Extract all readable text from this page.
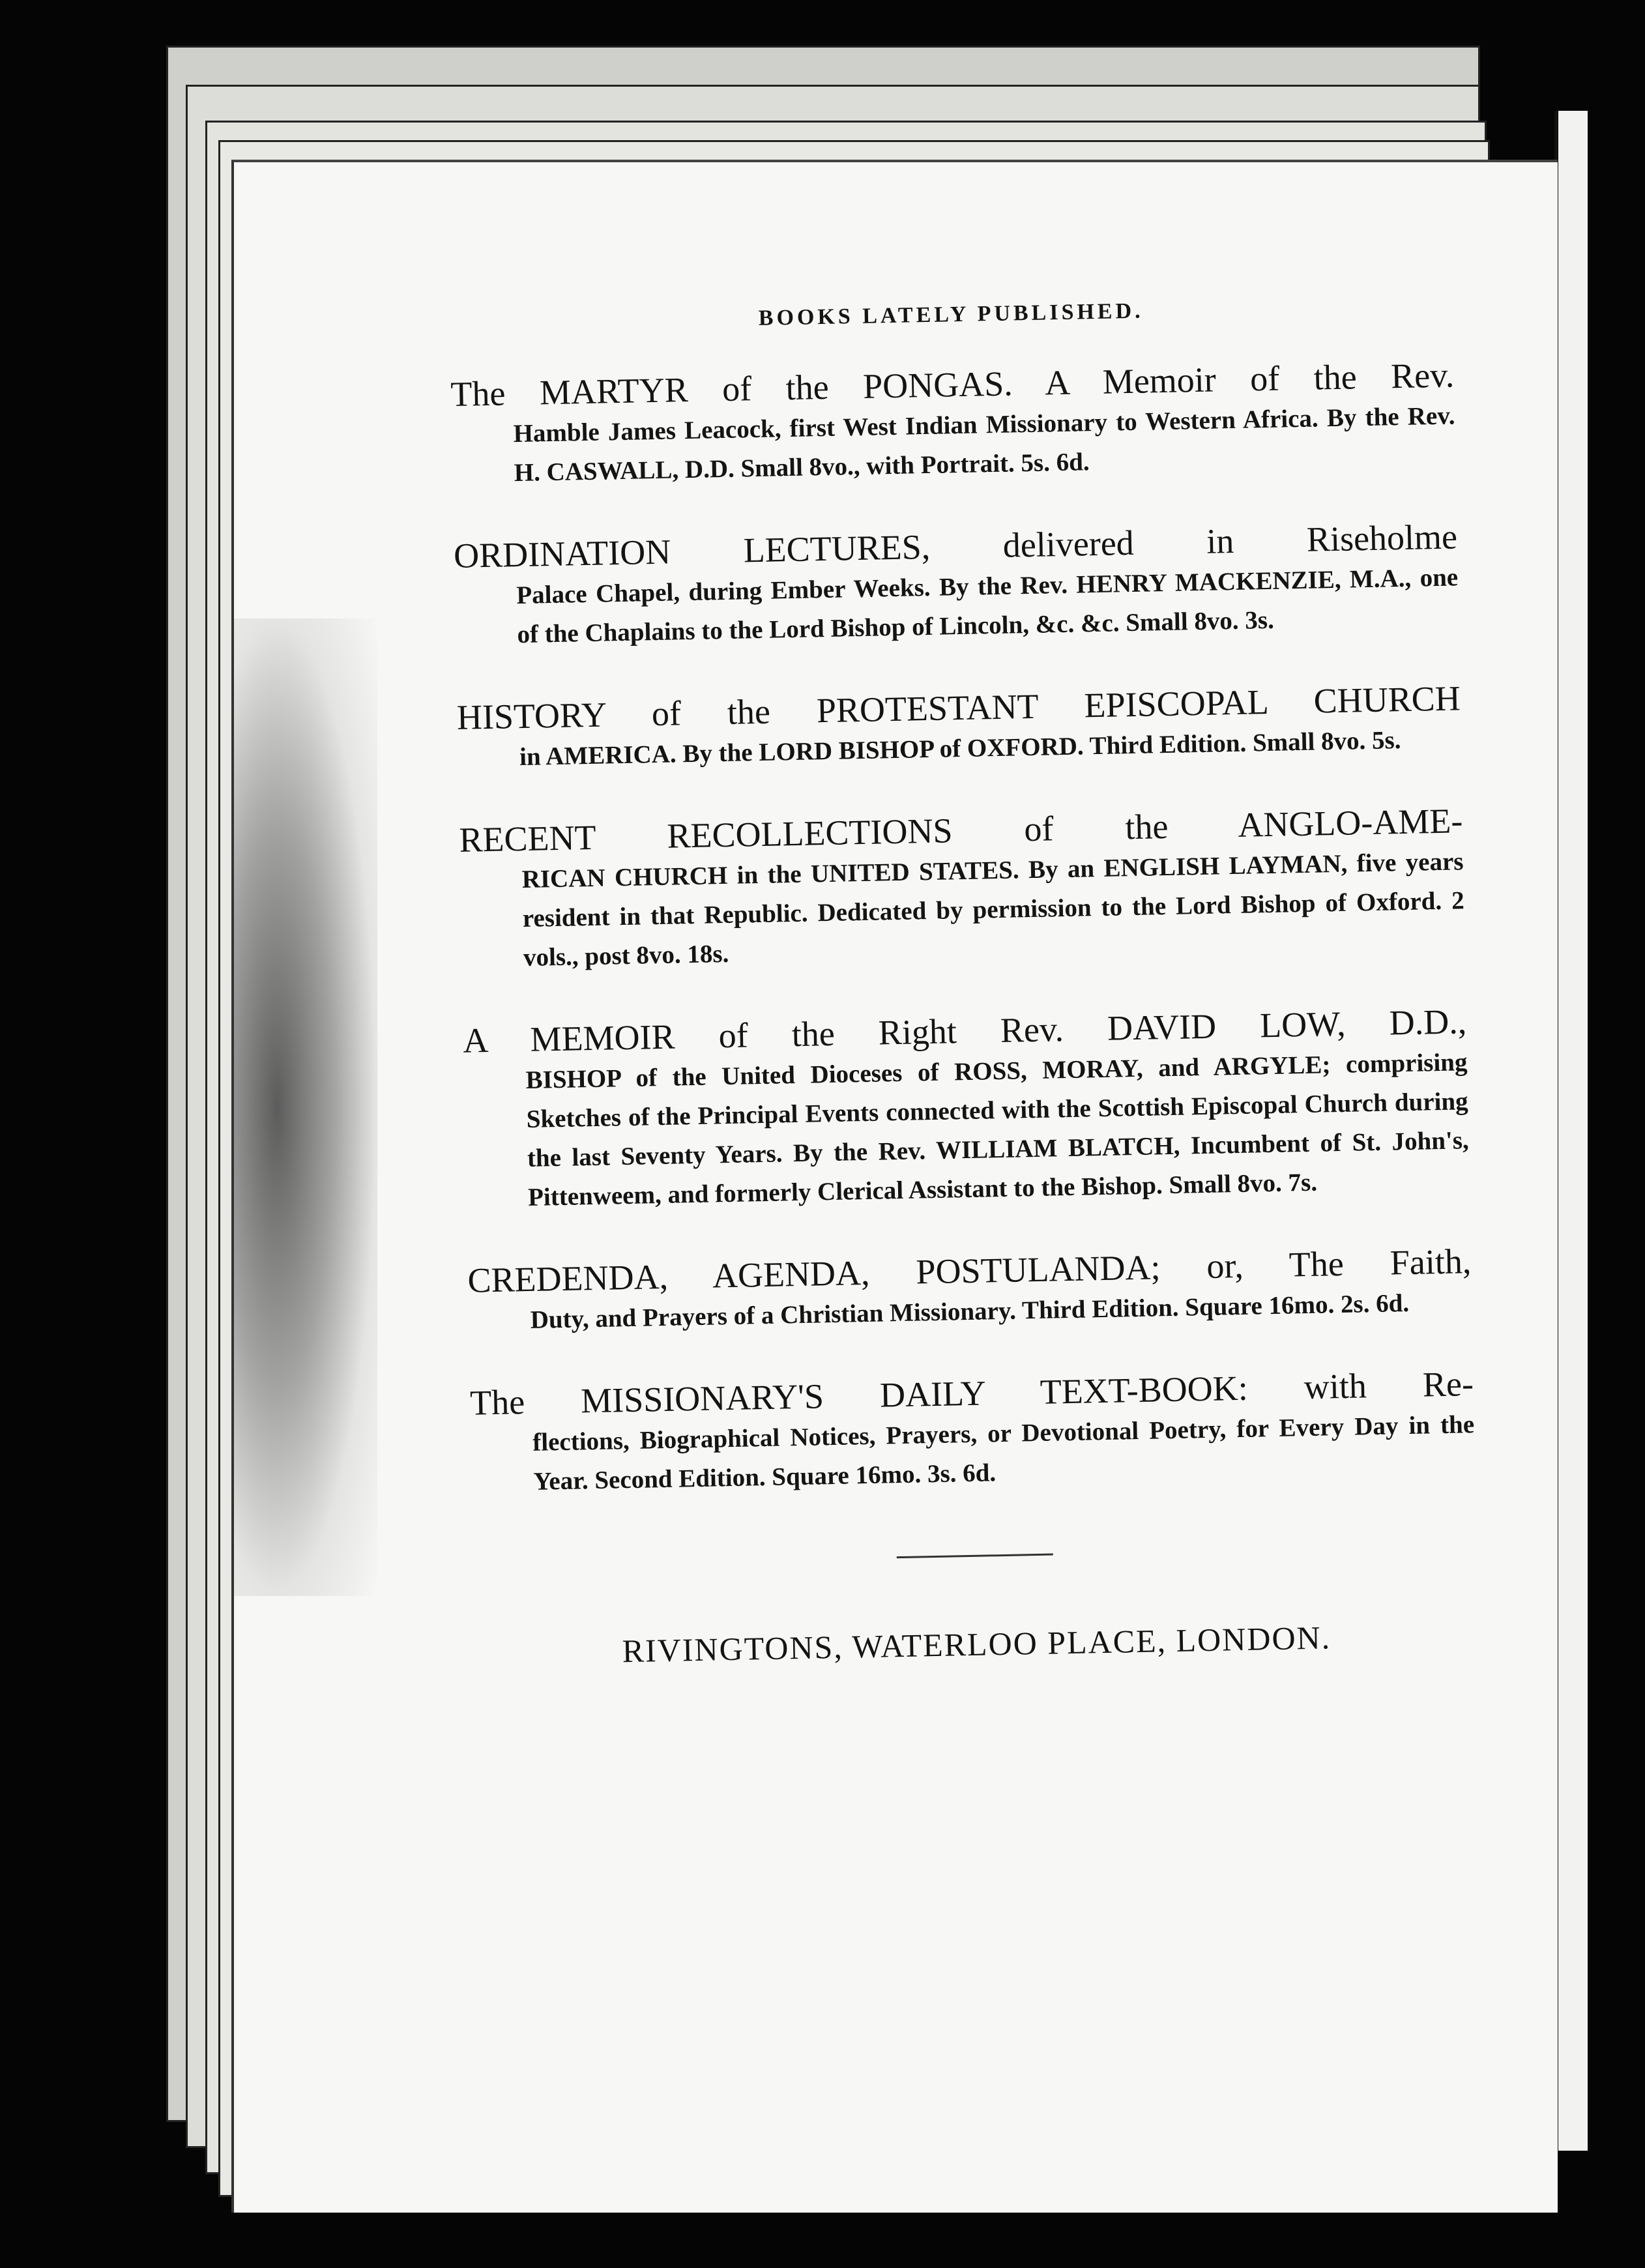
BOOKS LATELY PUBLISHED.

The MARTYR of the PONGAS. A Memoir of the Rev.

Hamble James Leacock, first West Indian Missionary to Western Africa. By the Rev. H. CASWALL, D.D. Small 8vo., with Portrait. 5s. 6d.

ORDINATION LECTURES, delivered in Riseholme

Palace Chapel, during Ember Weeks. By the Rev. HENRY MACKENZIE, M.A., one of the Chaplains to the Lord Bishop of Lincoln, &c. &c. Small 8vo. 3s.

HISTORY of the PROTESTANT EPISCOPAL CHURCH

in AMERICA. By the LORD BISHOP of OXFORD. Third Edition. Small 8vo. 5s.

RECENT RECOLLECTIONS of the ANGLO-AME-

RICAN CHURCH in the UNITED STATES. By an ENGLISH LAYMAN, five years resident in that Republic. Dedicated by permission to the Lord Bishop of Oxford. 2 vols., post 8vo. 18s.

A MEMOIR of the Right Rev. DAVID LOW, D.D.,

BISHOP of the United Dioceses of ROSS, MORAY, and ARGYLE; comprising Sketches of the Principal Events connected with the Scottish Episcopal Church during the last Seventy Years. By the Rev. WILLIAM BLATCH, Incumbent of St. John's, Pittenweem, and formerly Clerical Assistant to the Bishop. Small 8vo. 7s.

CREDENDA, AGENDA, POSTULANDA; or, The Faith,

Duty, and Prayers of a Christian Missionary. Third Edition. Square 16mo. 2s. 6d.

The MISSIONARY'S DAILY TEXT-BOOK: with Re-

flections, Biographical Notices, Prayers, or Devotional Poetry, for Every Day in the Year. Second Edition. Square 16mo. 3s. 6d.

RIVINGTONS, WATERLOO PLACE, LONDON.
